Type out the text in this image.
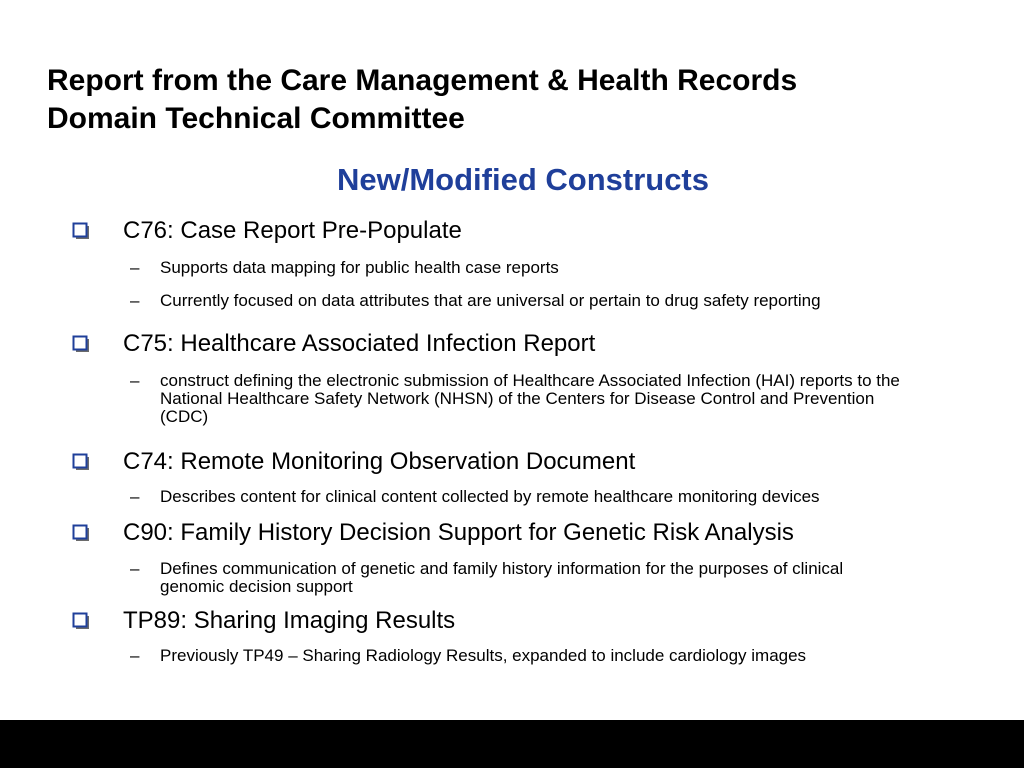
Report from the Care Management & Health Records
Domain Technical Committee
New/Modified Constructs
C76: Case Report Pre-Populate
– Supports data mapping for public health case reports
– Currently focused on data attributes that are universal or pertain to drug safety reporting
C75: Healthcare Associated Infection Report
– construct defining the electronic submission of Healthcare Associated Infection (HAI) reports to the National Healthcare Safety Network (NHSN) of the Centers for Disease Control and Prevention (CDC)
C74: Remote Monitoring Observation Document
– Describes content for clinical content collected by remote healthcare monitoring devices
C90: Family History Decision Support for Genetic Risk Analysis
– Defines communication of genetic and family history information for the purposes of clinical genomic decision support
TP89: Sharing Imaging Results
– Previously TP49 – Sharing Radiology Results, expanded to include cardiology images
